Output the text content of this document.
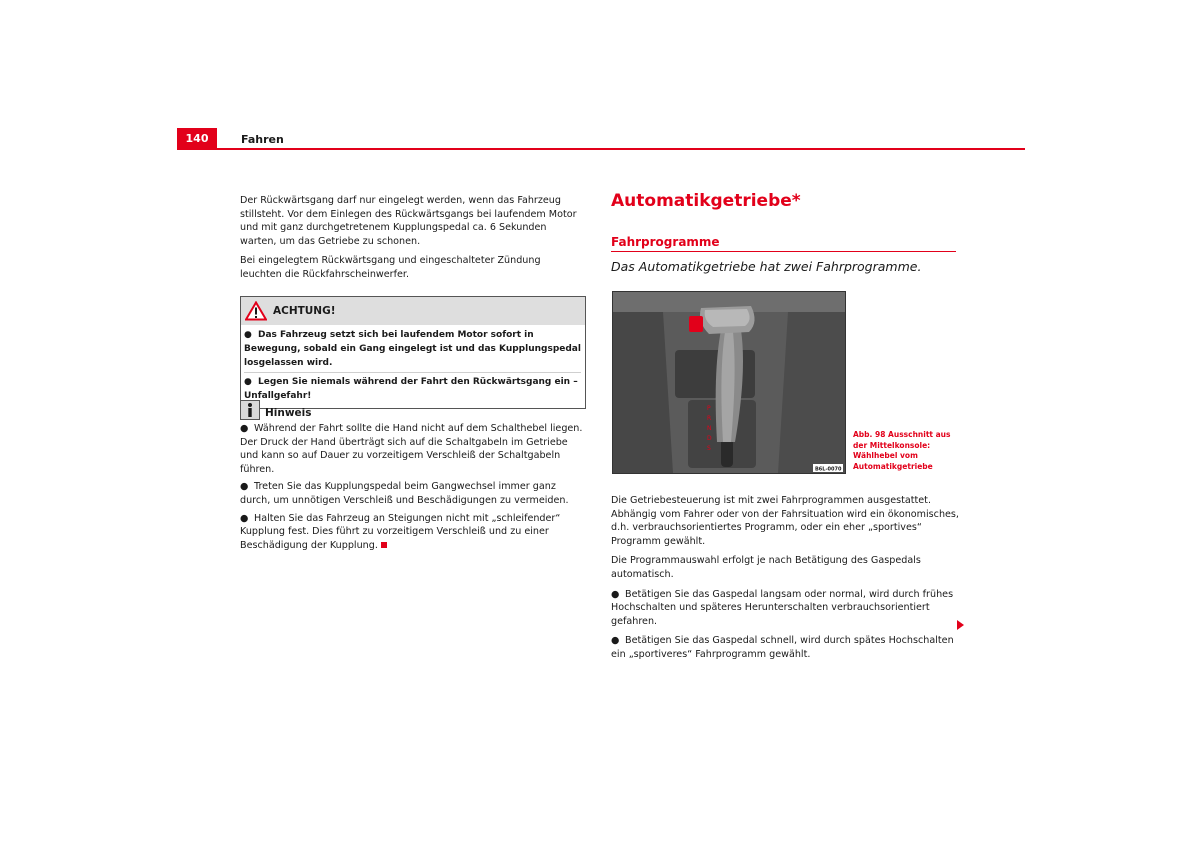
140	Fahren

Der Rückwärtsgang darf nur eingelegt werden, wenn das Fahrzeug stillsteht. Vor dem Einlegen des Rückwärtsgangs bei laufendem Motor und mit ganz durchgetretenem Kupplungspedal ca. 6 Sekunden warten, um das Getriebe zu schonen.

Bei eingelegtem Rückwärtsgang und eingeschalteter Zündung leuchten die Rückfahrscheinwerfer.

ACHTUNG!

● Das Fahrzeug setzt sich bei laufendem Motor sofort in Bewegung, sobald ein Gang eingelegt ist und das Kupplungspedal losgelassen wird.

● Legen Sie niemals während der Fahrt den Rückwärtsgang ein – Unfallgefahr!

Hinweis

● Während der Fahrt sollte die Hand nicht auf dem Schalthebel liegen. Der Druck der Hand überträgt sich auf die Schaltgabeln im Getriebe und kann so auf Dauer zu vorzeitigem Verschleiß der Schaltgabeln führen.

● Treten Sie das Kupplungspedal beim Gangwechsel immer ganz durch, um unnötigen Verschleiß und Beschädigungen zu vermeiden.

● Halten Sie das Fahrzeug an Steigungen nicht mit „schleifender“ Kupplung fest. Dies führt zu vorzeitigem Verschleiß und zu einer Beschädigung der Kupplung.

Automatikgetriebe*
Fahrprogramme
Das Automatikgetriebe hat zwei Fahrprogramme.
P
R
N
D
S
B6L-0070
Abb. 98 Ausschnitt aus der Mittelkonsole: Wählhebel vom Automatikgetriebe

Die Getriebesteuerung ist mit zwei Fahrprogrammen ausgestattet. Abhängig vom Fahrer oder von der Fahrsituation wird ein ökonomisches, d.h. verbrauchsorientiertes Programm, oder ein eher „sportives“ Programm gewählt.

Die Programmauswahl erfolgt je nach Betätigung des Gaspedals automatisch.

● Betätigen Sie das Gaspedal langsam oder normal, wird durch frühes Hochschalten und späteres Herunterschalten verbrauchsorientiert gefahren.

● Betätigen Sie das Gaspedal schnell, wird durch spätes Hochschalten ein „sportiveres“ Fahrprogramm gewählt.
